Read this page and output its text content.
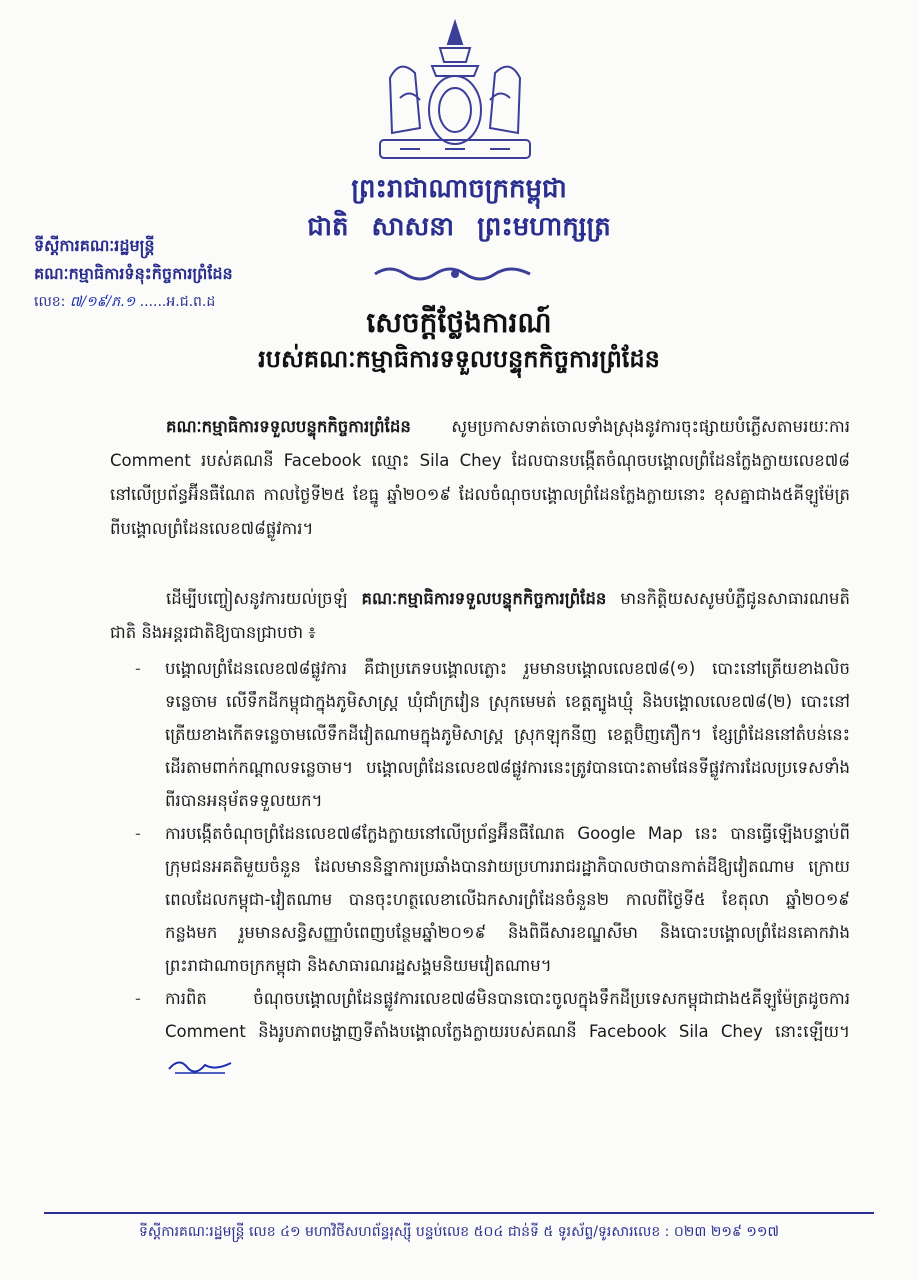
ព្រះរាជាណាចក្រកម្ពុជា
ជាតិ សាសនា ព្រះមហាក្សត្រ
ទីស្តីការគណៈរដ្ឋមន្ត្រី
គណៈកម្មាធិការទំនុះកិច្ចការព្រំដែន
លេខ: ៧/១៩/ភ.១ ......អ.ជ.ព.ដ
សេចក្តីថ្លែងការណ៍
របស់គណៈកម្មាធិការទទួលបន្ទុកកិច្ចការព្រំដែន
គណៈកម្មាធិការទទួលបន្ទុកកិច្ចការព្រំដែន សូមប្រកាសទាត់ចោលទាំងស្រុងនូវការចុះផ្សាយបំភ្លើសតាមរយៈការ Comment របស់គណនី Facebook ឈ្មោះ Sila Chey ដែលបានបង្កើតចំណុចបង្គោលព្រំដែនក្លែងក្លាយលេខ៧៨ នៅលើប្រព័ន្ធអ៊ីនធឺណែត កាលថ្ងៃទី២៥ ខែធ្នូ ឆ្នាំ២០១៩ ដែលចំណុចបង្គោលព្រំដែនក្លែងក្លាយនោះ ខុសគ្នាជាង៥គីឡូម៉ែត្រ ពីបង្គោលព្រំដែនលេខ៧៨ផ្លូវការ។
ដើម្បីបញ្ចៀសនូវការយល់ច្រឡំ គណៈកម្មាធិការទទួលបន្ទុកកិច្ចការព្រំដែន មានកិត្តិយសសូមបំភ្លឺជូនសាធារណមតិជាតិ និងអន្តរជាតិឱ្យបានជ្រាបថា ៖
- បង្គោលព្រំដែនលេខ៧៨ផ្លូវការ គឺជាប្រភេទបង្គោលភ្លោះ រួមមានបង្គោលលេខ៧៨(១) បោះនៅត្រើយខាងលិចទន្លេចាម លើទឹកដីកម្ពុជាក្នុងភូមិសាស្ត្រ ឃុំជាំក្រវៀន ស្រុកមេមត់ ខេត្តត្បូងឃ្មុំ និងបង្គោលលេខ៧៨(២) បោះនៅត្រើយខាងកើតទន្លេចាមលើទឹកដីវៀតណាមក្នុងភូមិសាស្ត្រ ស្រុកឡុកនីញ ខេត្តប៊ិញភឿក។ ខ្សែព្រំដែននៅតំបន់នេះដើរតាមពាក់កណ្តាលទន្លេចាម។ បង្គោលព្រំដែនលេខ៧៨ផ្លូវការនេះត្រូវបានបោះតាមផែនទីផ្លូវការដែលប្រទេសទាំងពីរបានអនុម័តទទួលយក។
- ការបង្កើតចំណុចព្រំដែនលេខ៧៨ក្លែងក្លាយនៅលើប្រព័ន្ធអ៊ីនធឺណែត Google Map នេះ បានធ្វើឡើងបន្ទាប់ពីក្រុមជនអគតិមួយចំនួន ដែលមាននិន្នាការប្រឆាំងបានវាយប្រហាររាជរដ្ឋាភិបាលថាបានកាត់ដីឱ្យវៀតណាម ក្រោយពេលដែលកម្ពុជា-វៀតណាម បានចុះហត្ថលេខាលើឯកសារព្រំដែនចំនួន២ កាលពីថ្ងៃទី៥ ខែតុលា ឆ្នាំ២០១៩ កន្លងមក រួមមានសន្ធិសញ្ញាបំពេញបន្ថែមឆ្នាំ២០១៩ និងពិធីសារខណ្ឌសីមា និងបោះបង្គោលព្រំដែនគោកវាងព្រះរាជាណាចក្រកម្ពុជា និងសាធារណរដ្ឋសង្គមនិយមវៀតណាម។
- ការពិត ចំណុចបង្គោលព្រំដែនផ្លូវការលេខ៧៨មិនបានបោះចូលក្នុងទឹកដីប្រទេសកម្ពុជាជាង៥គីឡូម៉ែត្រដូចការ Comment និងរូបភាពបង្ហាញទីតាំងបង្គោលក្លែងក្លាយរបស់គណនី Facebook Sila Chey នោះឡើយ។
ទីស្តីការគណៈរដ្ឋមន្ត្រី លេខ ៤១ មហាវិថីសហព័ន្ធរុស្ស៊ី បន្ទប់លេខ ៥០៤ ជាន់ទី ៥ ទូរស័ព្ទ/ទូរសារលេខ : ០២៣ ២១៩ ១១៧
